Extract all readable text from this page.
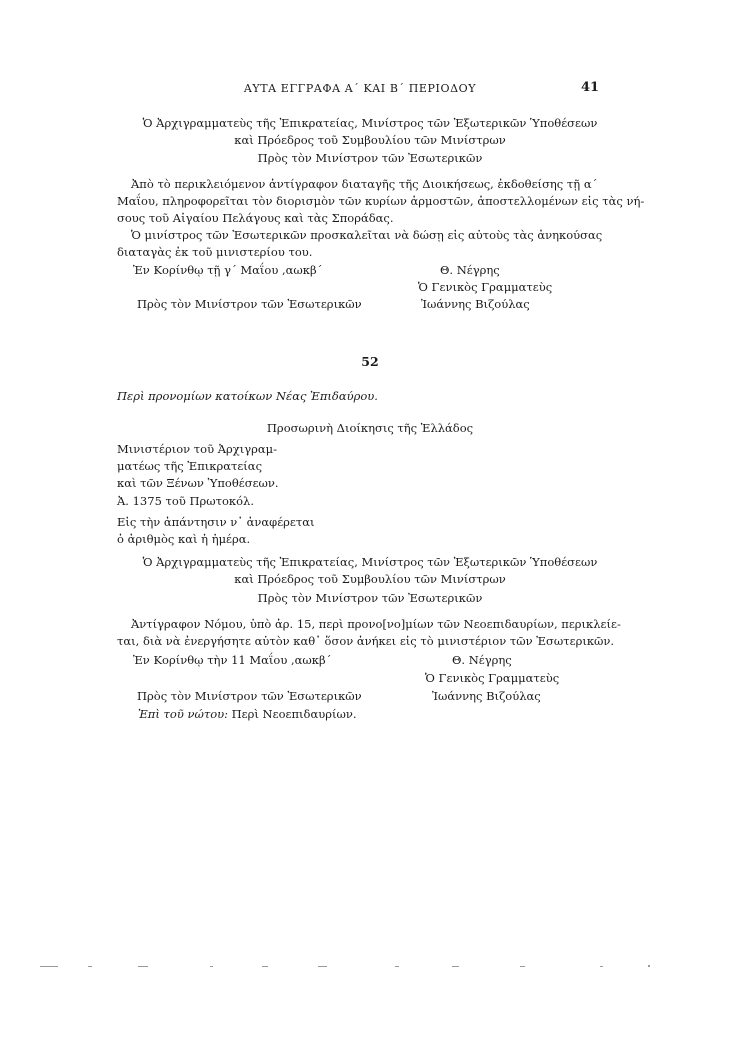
ΑΥΤΑ ΕΓΓΡΑΦΑ Α΄ ΚΑΙ Β΄ ΠΕΡΙΟΔΟΥ	41
Ὁ Ἀρχιγραμματεὺς τῆς Ἐπικρατείας, Μινίστρος τῶν Ἐξωτερικῶν Ὑποθέσεων
καὶ Πρόεδρος τοῦ Συμβουλίου τῶν Μινίστρων
Πρὸς τὸν Μινίστρον τῶν Ἐσωτερικῶν
Ἀπὸ τὸ περικλειόμενον ἀντίγραφον διαταγῆς τῆς Διοικήσεως, ἐκδοθείσης τῇ α΄
Μαΐου, πληροφορεῖται τὸν διορισμὸν τῶν κυρίων ἁρμοστῶν, ἀποστελλομένων εἰς τὰς νή-
σους τοῦ Αἰγαίου Πελάγους καὶ τὰς Σποράδας.
Ὁ μινίστρος τῶν Ἐσωτερικῶν προσκαλεῖται νὰ δώσῃ εἰς αὐτοὺς τὰς ἀνηκούσας
διαταγὰς ἐκ τοῦ μινιστερίου του.
Ἐν Κορίνθῳ τῇ γ΄ Μαΐου ,αωκβ΄	Θ. Νέγρης
Ὁ Γενικὸς Γραμματεὺς
Πρὸς τὸν Μινίστρον τῶν Ἐσωτερικῶν	Ἰωάννης Βιζούλας
52
Περὶ προνομίων κατοίκων Νέας Ἐπιδαύρου.
Προσωρινὴ Διοίκησις τῆς Ἑλλάδος
Μινιστέριον τοῦ Ἀρχιγραμ-
ματέως τῆς Ἐπικρατείας
καὶ τῶν Ξένων Ὑποθέσεων.
Ἀ. 1375 τοῦ Πρωτοκόλ.
Εἰς τὴν ἀπάντησιν ν᾽ ἀναφέρεται
ὁ ἀριθμὸς καὶ ἡ ἡμέρα.
Ὁ Ἀρχιγραμματεὺς τῆς Ἐπικρατείας, Μινίστρος τῶν Ἐξωτερικῶν Ὑποθέσεων
καὶ Πρόεδρος τοῦ Συμβουλίου τῶν Μινίστρων
Πρὸς τὸν Μινίστρον τῶν Ἐσωτερικῶν
Ἀντίγραφον Νόμου, ὑπὸ ἀρ. 15, περὶ προνο[νο]μίων τῶν Νεοεπιδαυρίων, περικλείε-
ται, διὰ νὰ ἐνεργήσητε αὐτὸν καθ᾽ ὅσον ἀνήκει εἰς τὸ μινιστέριον τῶν Ἐσωτερικῶν.
Ἐν Κορίνθῳ τὴν 11 Μαΐου ,αωκβ΄	Θ. Νέγρης
Ὁ Γενικὸς Γραμματεὺς
Πρὸς τὸν Μινίστρον τῶν Ἐσωτερικῶν	Ἰωάννης Βιζούλας
Ἐπὶ τοῦ νώτου: Περὶ Νεοεπιδαυρίων.
